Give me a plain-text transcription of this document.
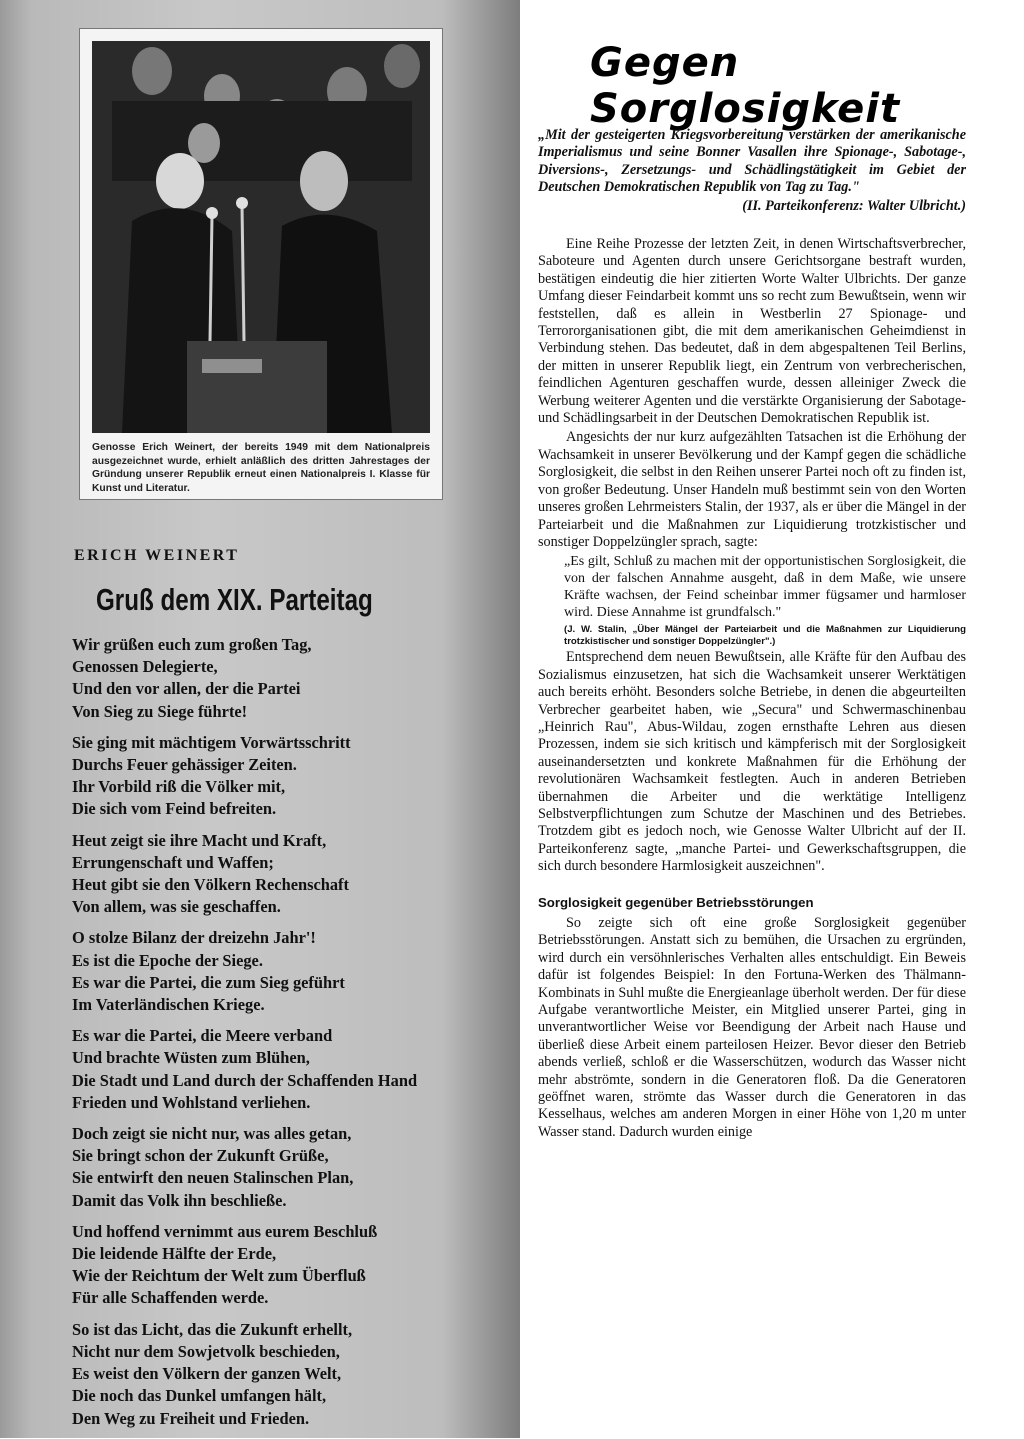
Genosse Erich Weinert, der bereits 1949 mit dem Nationalpreis ausgezeichnet wurde, erhielt anläßlich des dritten Jahrestages der Gründung unserer Republik erneut einen Nationalpreis I. Klasse für Kunst und Literatur.
ERICH WEINERT
Gruß dem XIX. Parteitag
Wir grüßen euch zum großen Tag,
Genossen Delegierte,
Und den vor allen, der die Partei
Von Sieg zu Siege führte!
Sie ging mit mächtigem Vorwärtsschritt
Durchs Feuer gehässiger Zeiten.
Ihr Vorbild riß die Völker mit,
Die sich vom Feind befreiten.
Heut zeigt sie ihre Macht und Kraft,
Errungenschaft und Waffen;
Heut gibt sie den Völkern Rechenschaft
Von allem, was sie geschaffen.
O stolze Bilanz der dreizehn Jahr'!
Es ist die Epoche der Siege.
Es war die Partei, die zum Sieg geführt
Im Vaterländischen Kriege.
Es war die Partei, die Meere verband
Und brachte Wüsten zum Blühen,
Die Stadt und Land durch der Schaffenden Hand
Frieden und Wohlstand verliehen.
Doch zeigt sie nicht nur, was alles getan,
Sie bringt schon der Zukunft Grüße,
Sie entwirft den neuen Stalinschen Plan,
Damit das Volk ihn beschließe.
Und hoffend vernimmt aus eurem Beschluß
Die leidende Hälfte der Erde,
Wie der Reichtum der Welt zum Überfluß
Für alle Schaffenden werde.
So ist das Licht, das die Zukunft erhellt,
Nicht nur dem Sowjetvolk beschieden,
Es weist den Völkern der ganzen Welt,
Die noch das Dunkel umfangen hält,
Den Weg zu Freiheit und Frieden.
Gegen Sorglosigkeit
„Mit der gesteigerten Kriegsvorbereitung verstärken der amerikanische Imperialismus und seine Bonner Vasallen ihre Spionage-, Sabotage-, Diversions-, Zersetzungs- und Schädlingstätigkeit im Gebiet der Deutschen Demokratischen Republik von Tag zu Tag."
(II. Parteikonferenz: Walter Ulbricht.)

Eine Reihe Prozesse der letzten Zeit, in denen Wirtschaftsverbrecher, Saboteure und Agenten durch unsere Gerichtsorgane bestraft wurden, bestätigen eindeutig die hier zitierten Worte Walter Ulbrichts. Der ganze Umfang dieser Feindarbeit kommt uns so recht zum Bewußtsein, wenn wir feststellen, daß es allein in Westberlin 27 Spionage- und Terrororganisationen gibt, die mit dem amerikanischen Geheimdienst in Verbindung stehen. Das bedeutet, daß in dem abgespaltenen Teil Berlins, der mitten in unserer Republik liegt, ein Zentrum von verbrecherischen, feindlichen Agenturen geschaffen wurde, dessen alleiniger Zweck die Werbung weiterer Agenten und die verstärkte Organisierung der Sabotage- und Schädlingsarbeit in der Deutschen Demokratischen Republik ist.

Angesichts der nur kurz aufgezählten Tatsachen ist die Erhöhung der Wachsamkeit in unserer Bevölkerung und der Kampf gegen die schädliche Sorglosigkeit, die selbst in den Reihen unserer Partei noch oft zu finden ist, von großer Bedeutung. Unser Handeln muß bestimmt sein von den Worten unseres großen Lehrmeisters Stalin, der 1937, als er über die Mängel in der Parteiarbeit und die Maßnahmen zur Liquidierung trotzkistischer und sonstiger Doppelzüngler sprach, sagte:

„Es gilt, Schluß zu machen mit der opportunistischen Sorglosigkeit, die von der falschen Annahme ausgeht, daß in dem Maße, wie unsere Kräfte wachsen, der Feind scheinbar immer fügsamer und harmloser wird. Diese Annahme ist grundfalsch."
(J. W. Stalin, „Über Mängel der Parteiarbeit und die Maßnahmen zur Liquidierung trotzkistischer und sonstiger Doppelzüngler".)

Entsprechend dem neuen Bewußtsein, alle Kräfte für den Aufbau des Sozialismus einzusetzen, hat sich die Wachsamkeit unserer Werktätigen auch bereits erhöht. Besonders solche Betriebe, in denen die abgeurteilten Verbrecher gearbeitet haben, wie „Secura" und Schwermaschinenbau „Heinrich Rau", Abus-Wildau, zogen ernsthafte Lehren aus diesen Prozessen, indem sie sich kritisch und kämpferisch mit der Sorglosigkeit auseinandersetzten und konkrete Maßnahmen für die Erhöhung der revolutionären Wachsamkeit festlegten. Auch in anderen Betrieben übernahmen die Arbeiter und die werktätige Intelligenz Selbstverpflichtungen zum Schutze der Maschinen und des Betriebes. Trotzdem gibt es jedoch noch, wie Genosse Walter Ulbricht auf der II. Parteikonferenz sagte, „manche Partei- und Gewerkschaftsgruppen, die sich durch besondere Harmlosigkeit auszeichnen".

Sorglosigkeit gegenüber Betriebsstörungen

So zeigte sich oft eine große Sorglosigkeit gegenüber Betriebsstörungen. Anstatt sich zu bemühen, die Ursachen zu ergründen, wird durch ein versöhnlerisches Verhalten alles entschuldigt. Ein Beweis dafür ist folgendes Beispiel: In den Fortuna-Werken des Thälmann-Kombinats in Suhl mußte die Energieanlage überholt werden. Der für diese Aufgabe verantwortliche Meister, ein Mitglied unserer Partei, ging in unverantwortlicher Weise vor Beendigung der Arbeit nach Hause und überließ diese Arbeit einem parteilosen Heizer. Bevor dieser den Betrieb abends verließ, schloß er die Wasserschützen, wodurch das Wasser nicht mehr abströmte, sondern in die Generatoren floß. Da die Generatoren geöffnet waren, strömte das Wasser durch die Generatoren in das Kesselhaus, welches am anderen Morgen in einer Höhe von 1,20 m unter Wasser stand. Dadurch wurden einige
